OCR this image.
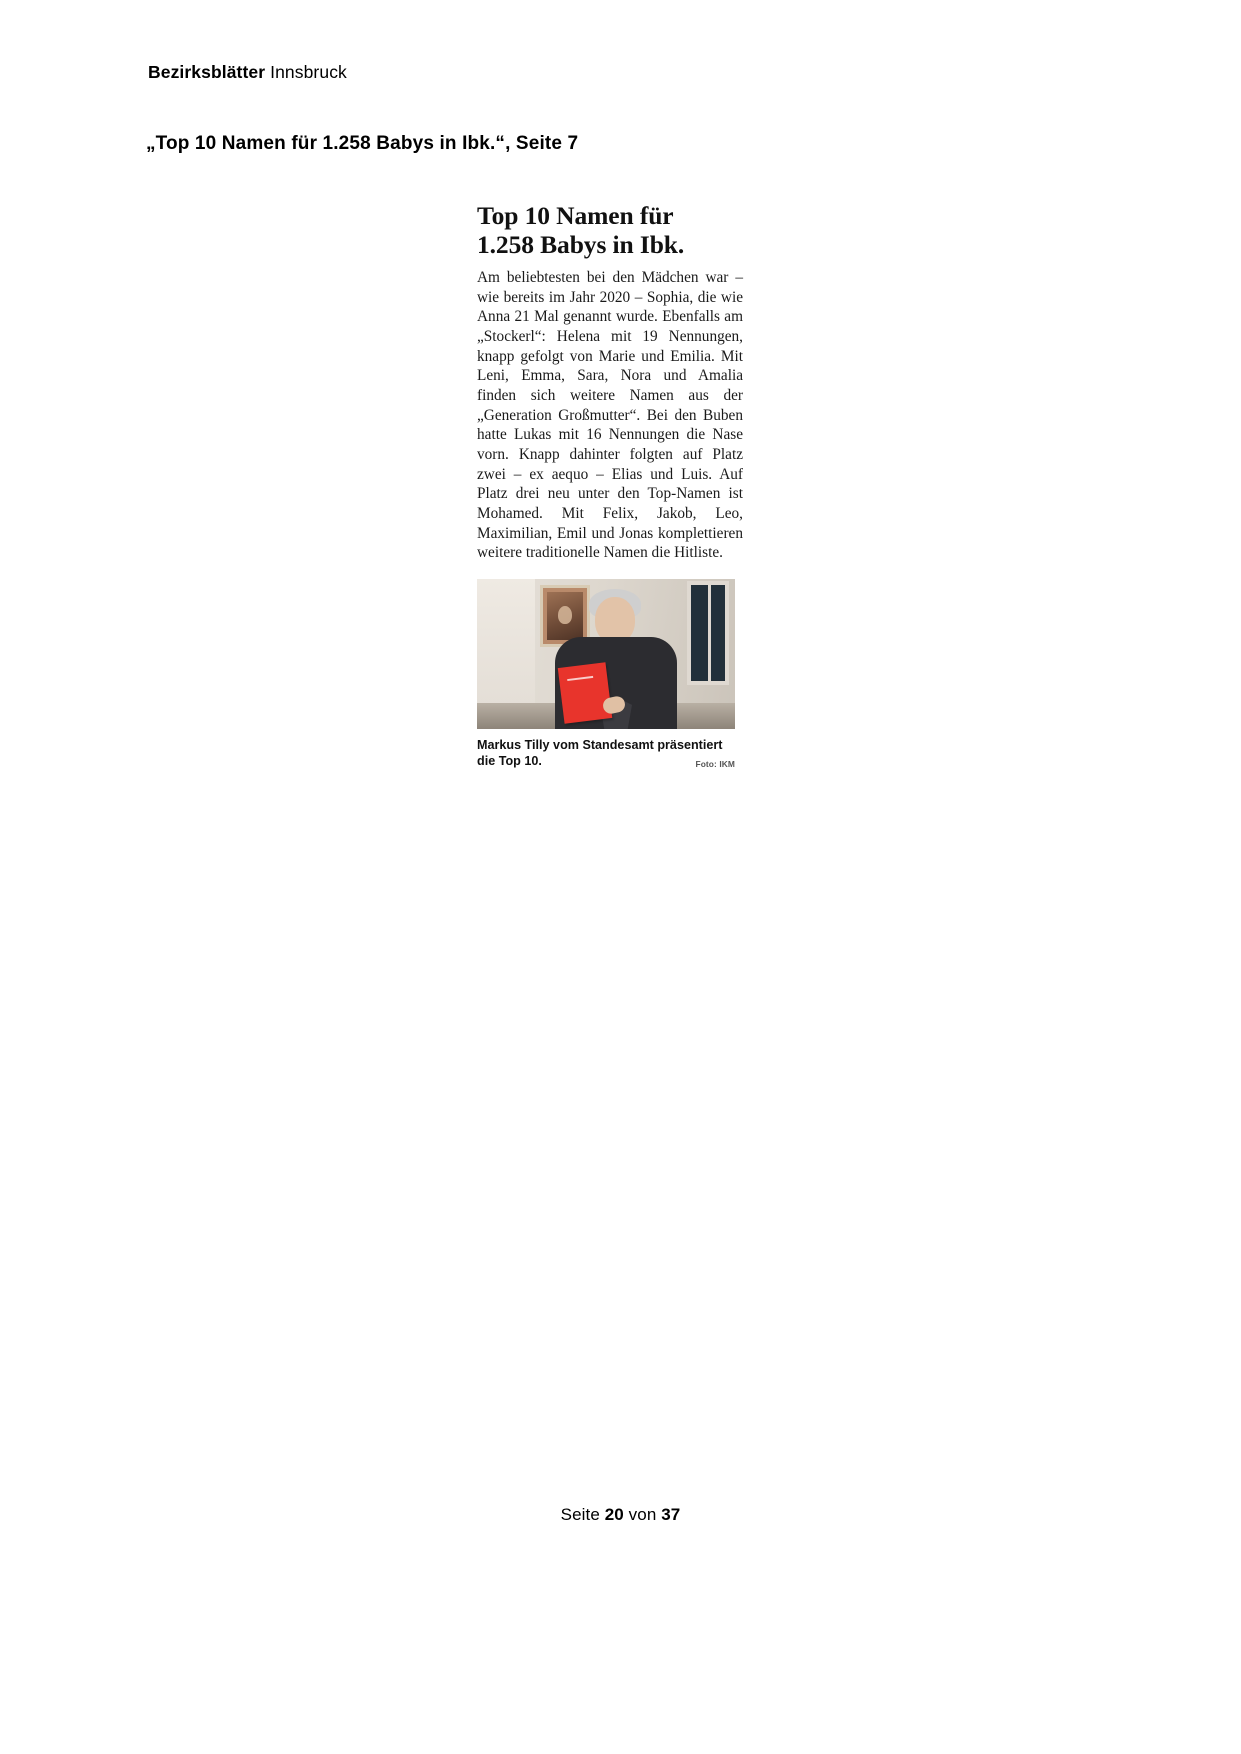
Bezirksblätter Innsbruck
„Top 10 Namen für 1.258 Babys in Ibk.“, Seite 7
Top 10 Namen für
1.258 Babys in Ibk.

Am beliebtesten bei den Mädchen war – wie bereits im Jahr 2020 – Sophia, die wie Anna 21 Mal genannt wurde. Ebenfalls am „Stockerl“: Helena mit 19 Nennungen, knapp gefolgt von Marie und Emilia. Mit Leni, Emma, Sara, Nora und Amalia finden sich weitere Namen aus der „Generation Großmutter“. Bei den Buben hatte Lukas mit 16 Nennungen die Nase vorn. Knapp dahinter folgten auf Platz zwei – ex aequo – Elias und Luis. Auf Platz drei neu unter den Top-Namen ist Mohamed. Mit Felix, Jakob, Leo, Maximilian, Emil und Jonas komplettieren weitere traditionelle Namen die Hitliste.

Markus Tilly vom Standesamt präsentiert die Top 10.	Foto: IKM
Seite 20 von 37
